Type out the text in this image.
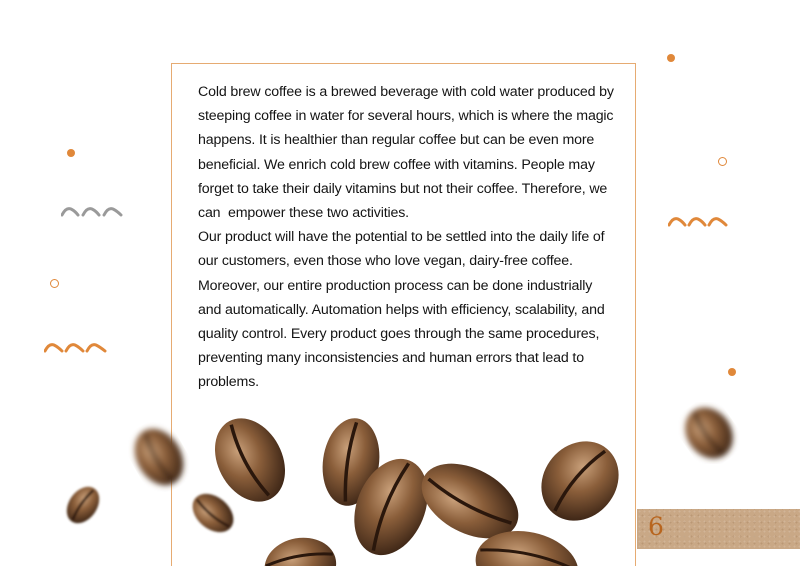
Cold brew coffee is a brewed beverage with cold water produced by steeping coffee in water for several hours, which is where the magic happens. It is healthier than regular coffee but can be even more beneficial. We enrich cold brew coffee with vitamins. People may forget to take their daily vitamins but not their coffee. Therefore, we can  empower these two activities.

Our product will have the potential to be settled into the daily life of our customers, even those who love vegan, dairy-free coffee.

Moreover, our entire production process can be done industrially and automatically. Automation helps with efficiency, scalability, and quality control. Every product goes through the same procedures, preventing many inconsistencies and human errors that lead to problems.

6
